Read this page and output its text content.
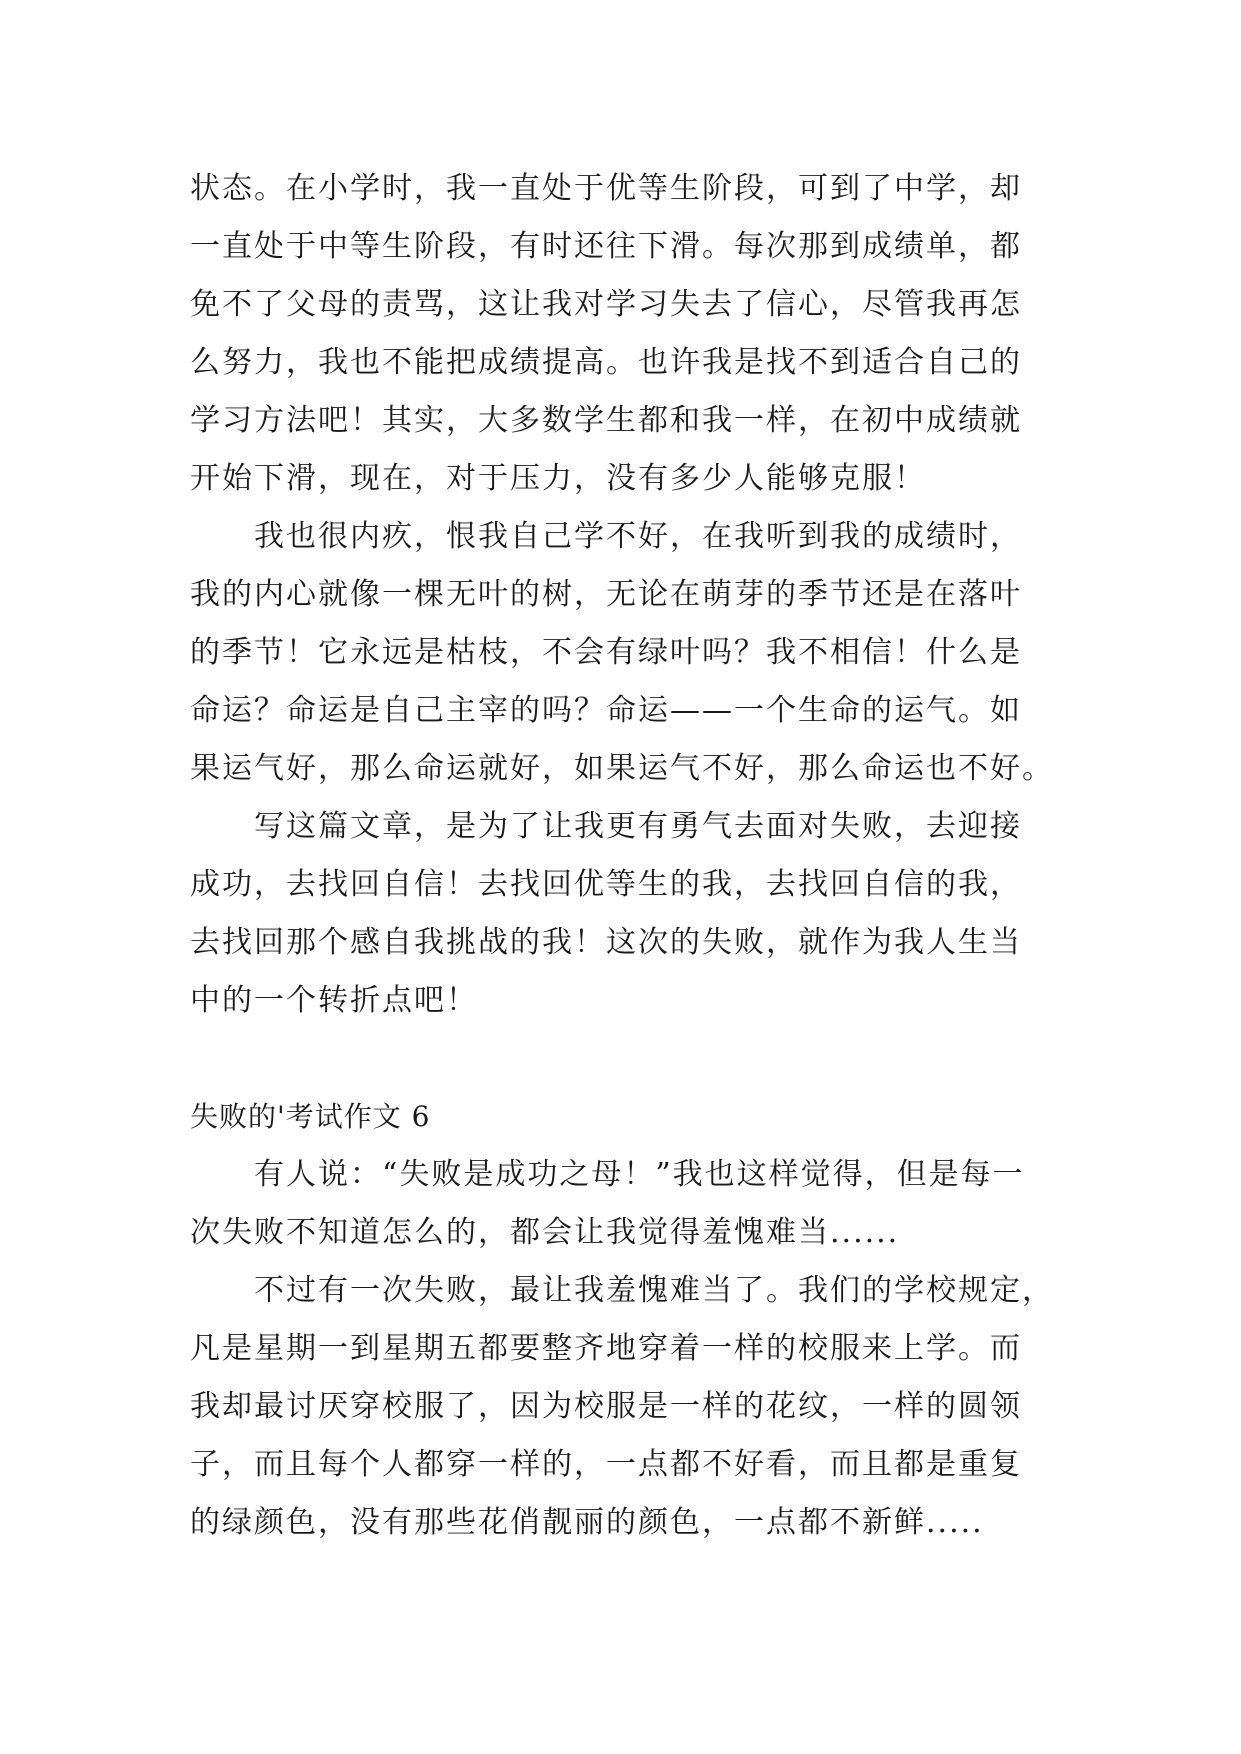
状态。在小学时，我一直处于优等生阶段，可到了中学，却
一直处于中等生阶段，有时还往下滑。每次那到成绩单，都
免不了父母的责骂，这让我对学习失去了信心，尽管我再怎
么努力，我也不能把成绩提高。也许我是找不到适合自己的
学习方法吧！其实，大多数学生都和我一样，在初中成绩就
开始下滑，现在，对于压力，没有多少人能够克服！
我也很内疚，恨我自己学不好，在我听到我的成绩时，
我的内心就像一棵无叶的树，无论在萌芽的季节还是在落叶
的季节！它永远是枯枝，不会有绿叶吗？我不相信！什么是
命运？命运是自己主宰的吗？命运——一个生命的运气。如
果运气好，那么命运就好，如果运气不好，那么命运也不好。
写这篇文章，是为了让我更有勇气去面对失败，去迎接
成功，去找回自信！去找回优等生的我，去找回自信的我，
去找回那个感自我挑战的我！这次的失败，就作为我人生当
中的一个转折点吧！
失败的'考试作文 6
有人说：“失败是成功之母！”我也这样觉得，但是每一
次失败不知道怎么的，都会让我觉得羞愧难当......
不过有一次失败，最让我羞愧难当了。我们的学校规定，
凡是星期一到星期五都要整齐地穿着一样的校服来上学。而
我却最讨厌穿校服了，因为校服是一样的花纹，一样的圆领
子，而且每个人都穿一样的，一点都不好看，而且都是重复
的绿颜色，没有那些花俏靓丽的颜色，一点都不新鲜.....
